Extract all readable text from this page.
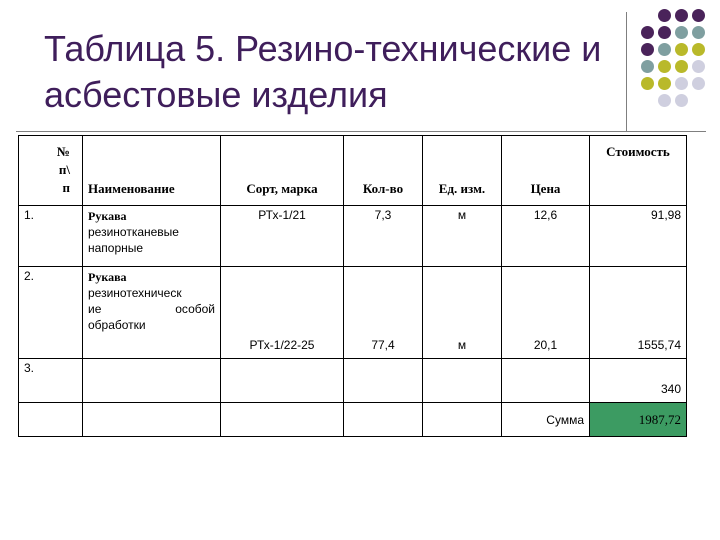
Таблица 5. Резино-технические и
асбестовые изделия
№
п\
п	Наименование	Сорт, марка	Кол-во	Ед. изм.	Цена	Стоимость
1.	Рукава
резинотканевые
напорные	РТх-1/21	7,3	м	12,6	91,98
2.	Рукава
резинотехническ

ие особой
обработки	РТх-1/22-25	77,4	м	20,1	1555,74
3.						340
					Сумма	1987,72
